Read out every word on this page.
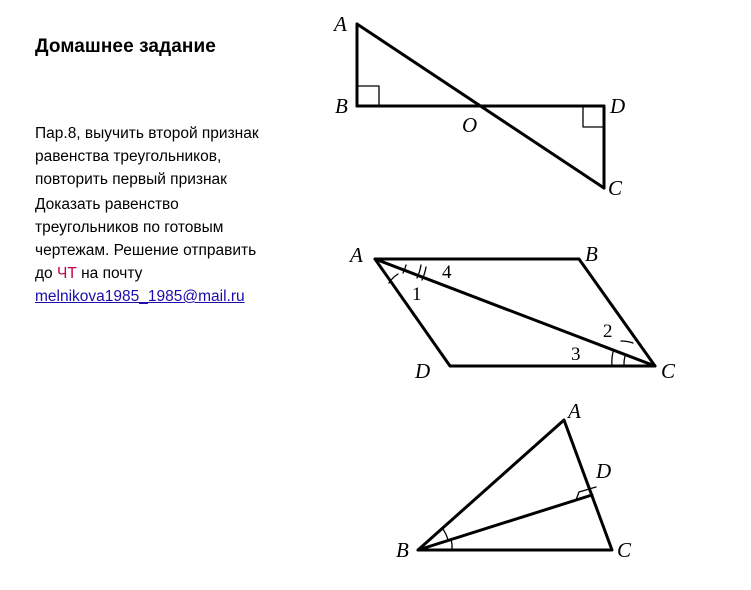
Домашнее задание
Пар.8, выучить второй признак
равенства треугольников,
повторить первый признак
Доказать равенство
треугольников по готовым
чертежам. Решение отправить
до ЧТ на почту
melnikova1985_1985@mail.ru
A
B
O
D
C
A	B
C
D
1
2
3
4
A
B	C
D
